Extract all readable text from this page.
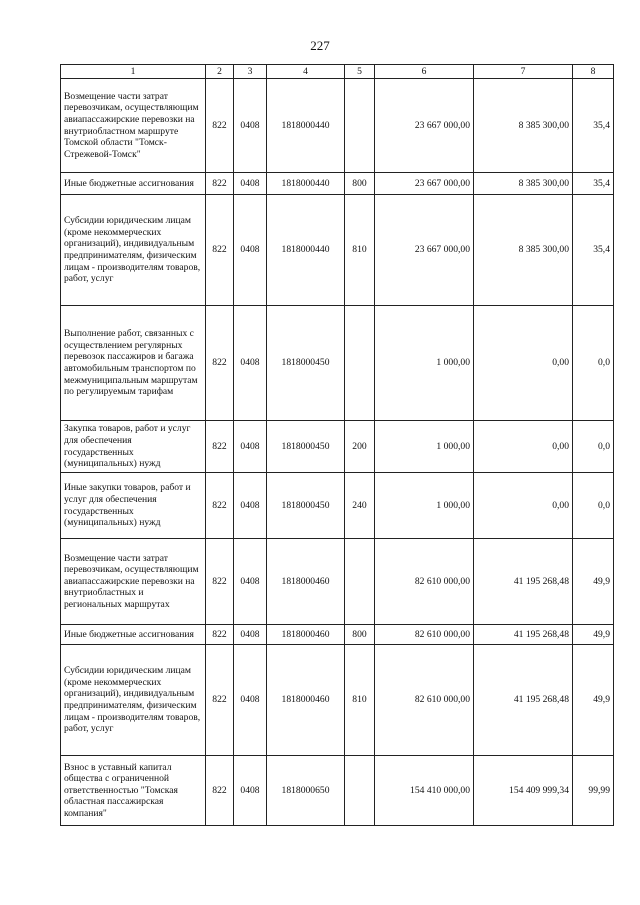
227
1	2	3	4	5	6	7	8
Возмещение части затрат перевозчикам, осуществляющим авиапассажирские перевозки на внутриобластном маршруте Томской области "Томск-Стрежевой-Томск"	822	0408	1818000440		23 667 000,00	8 385 300,00	35,4
Иные бюджетные ассигнования	822	0408	1818000440	800	23 667 000,00	8 385 300,00	35,4
Субсидии юридическим лицам (кроме некоммерческих организаций), индивидуальным предпринимателям, физическим лицам - производителям товаров, работ, услуг	822	0408	1818000440	810	23 667 000,00	8 385 300,00	35,4
Выполнение работ, связанных с осуществлением регулярных перевозок пассажиров и багажа автомобильным транспортом по межмуниципальным маршрутам по регулируемым тарифам	822	0408	1818000450		1 000,00	0,00	0,0
Закупка товаров, работ и услуг для обеспечения государственных (муниципальных) нужд	822	0408	1818000450	200	1 000,00	0,00	0,0
Иные закупки товаров, работ и услуг для обеспечения государственных (муниципальных) нужд	822	0408	1818000450	240	1 000,00	0,00	0,0
Возмещение части затрат перевозчикам, осуществляющим авиапассажирские перевозки на внутриобластных и региональных маршрутах	822	0408	1818000460		82 610 000,00	41 195 268,48	49,9
Иные бюджетные ассигнования	822	0408	1818000460	800	82 610 000,00	41 195 268,48	49,9
Субсидии юридическим лицам (кроме некоммерческих организаций), индивидуальным предпринимателям, физическим лицам - производителям товаров, работ, услуг	822	0408	1818000460	810	82 610 000,00	41 195 268,48	49,9
Взнос в уставный капитал общества с ограниченной ответственностью "Томская областная пассажирская компания"	822	0408	1818000650		154 410 000,00	154 409 999,34	99,99
